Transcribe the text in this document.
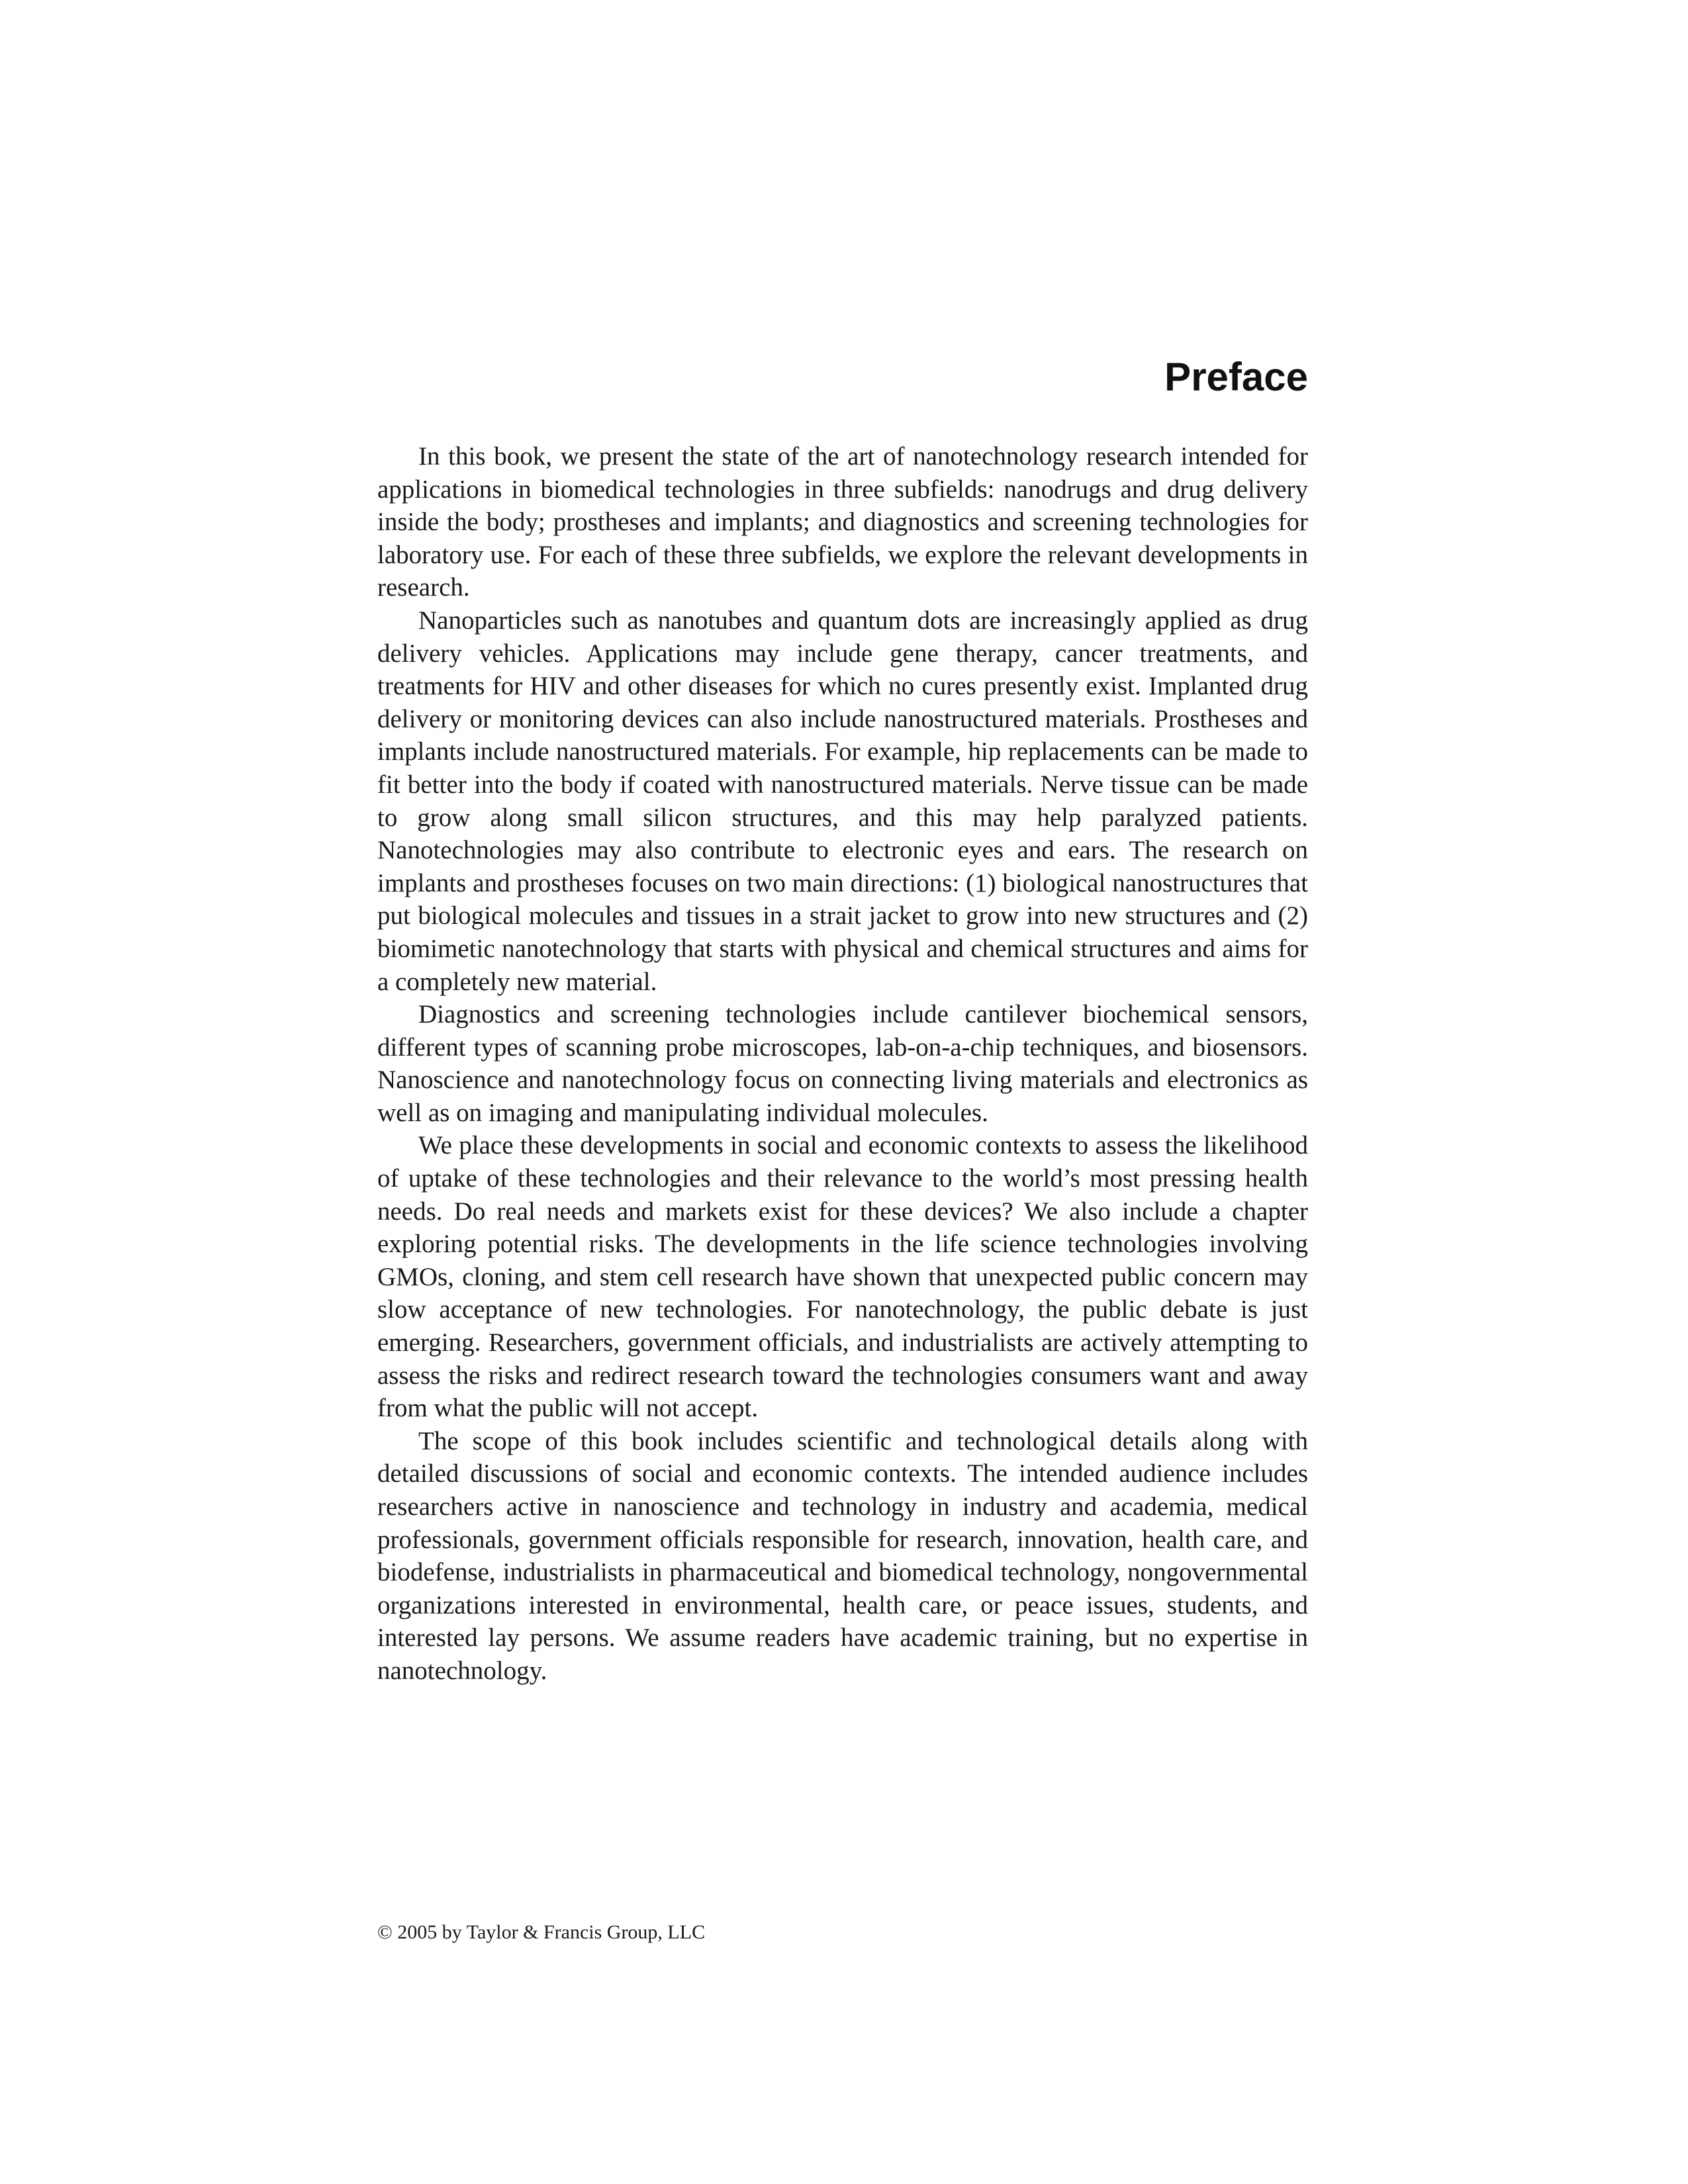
Preface

In this book, we present the state of the art of nanotechnology research intended for applications in biomedical technologies in three subfields: nanodrugs and drug delivery inside the body; prostheses and implants; and diagnostics and screening technologies for laboratory use. For each of these three subfields, we explore the relevant developments in research.

Nanoparticles such as nanotubes and quantum dots are increasingly applied as drug delivery vehicles. Applications may include gene therapy, cancer treatments, and treatments for HIV and other diseases for which no cures presently exist. Implanted drug delivery or monitoring devices can also include nanostructured materials. Prostheses and implants include nanostructured materials. For example, hip replacements can be made to fit better into the body if coated with nanostructured materials. Nerve tissue can be made to grow along small silicon structures, and this may help paralyzed patients. Nanotechnologies may also contribute to electronic eyes and ears. The research on implants and prostheses focuses on two main directions: (1) biological nanostructures that put biological molecules and tissues in a strait jacket to grow into new structures and (2) biomimetic nanotechnology that starts with physical and chemical structures and aims for a completely new material.

Diagnostics and screening technologies include cantilever biochemical sensors, different types of scanning probe microscopes, lab-on-a-chip techniques, and biosensors. Nanoscience and nanotechnology focus on connecting living materials and electronics as well as on imaging and manipulating individual molecules.

We place these developments in social and economic contexts to assess the likelihood of uptake of these technologies and their relevance to the world’s most pressing health needs. Do real needs and markets exist for these devices? We also include a chapter exploring potential risks. The developments in the life science technologies involving GMOs, cloning, and stem cell research have shown that unexpected public concern may slow acceptance of new technologies. For nanotechnology, the public debate is just emerging. Researchers, government officials, and industrialists are actively attempting to assess the risks and redirect research toward the technologies consumers want and away from what the public will not accept.

The scope of this book includes scientific and technological details along with detailed discussions of social and economic contexts. The intended audience includes researchers active in nanoscience and technology in industry and academia, medical professionals, government officials responsible for research, innovation, health care, and biodefense, industrialists in pharmaceutical and biomedical technology, nongovernmental organizations interested in environmental, health care, or peace issues, students, and interested lay persons. We assume readers have academic training, but no expertise in nanotechnology.

© 2005 by Taylor & Francis Group, LLC
